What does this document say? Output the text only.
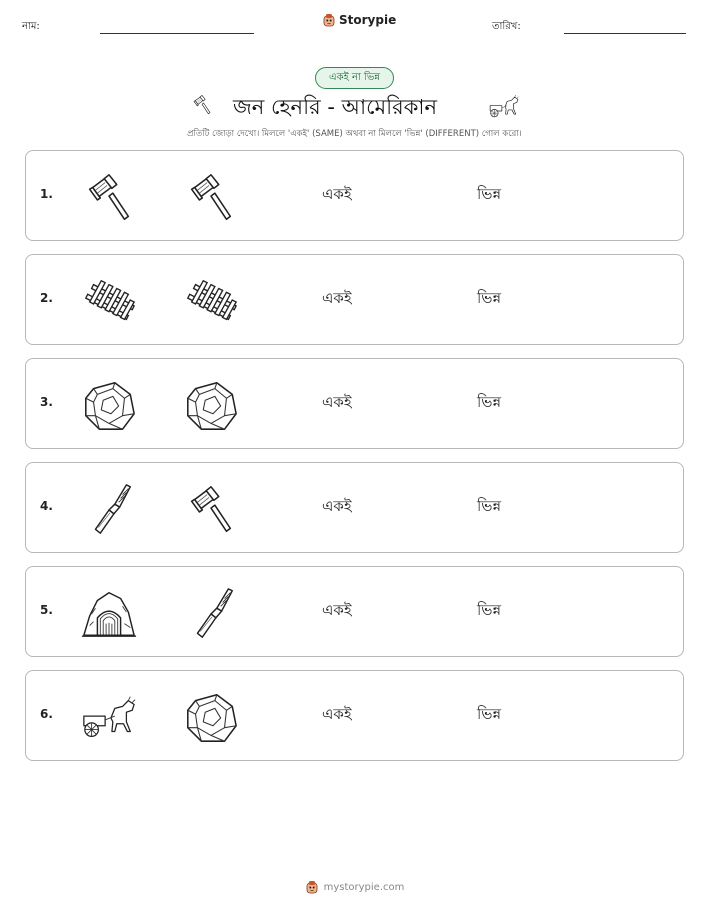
নাম:	Storypie	তারিখ:
একই না ভিন্ন
জন হেনরি - আমেরিকান
প্রতিটি জোড়া দেখো। মিললে 'একই' (SAME) অথবা না মিললে 'ভিন্ন' (DIFFERENT) গোল করো।
1.	একই	ভিন্ন
2.	একই	ভিন্ন
3.	একই	ভিন্ন
4.	একই	ভিন্ন
5.	একই	ভিন্ন
6.	একই	ভিন্ন
mystorypie.com
